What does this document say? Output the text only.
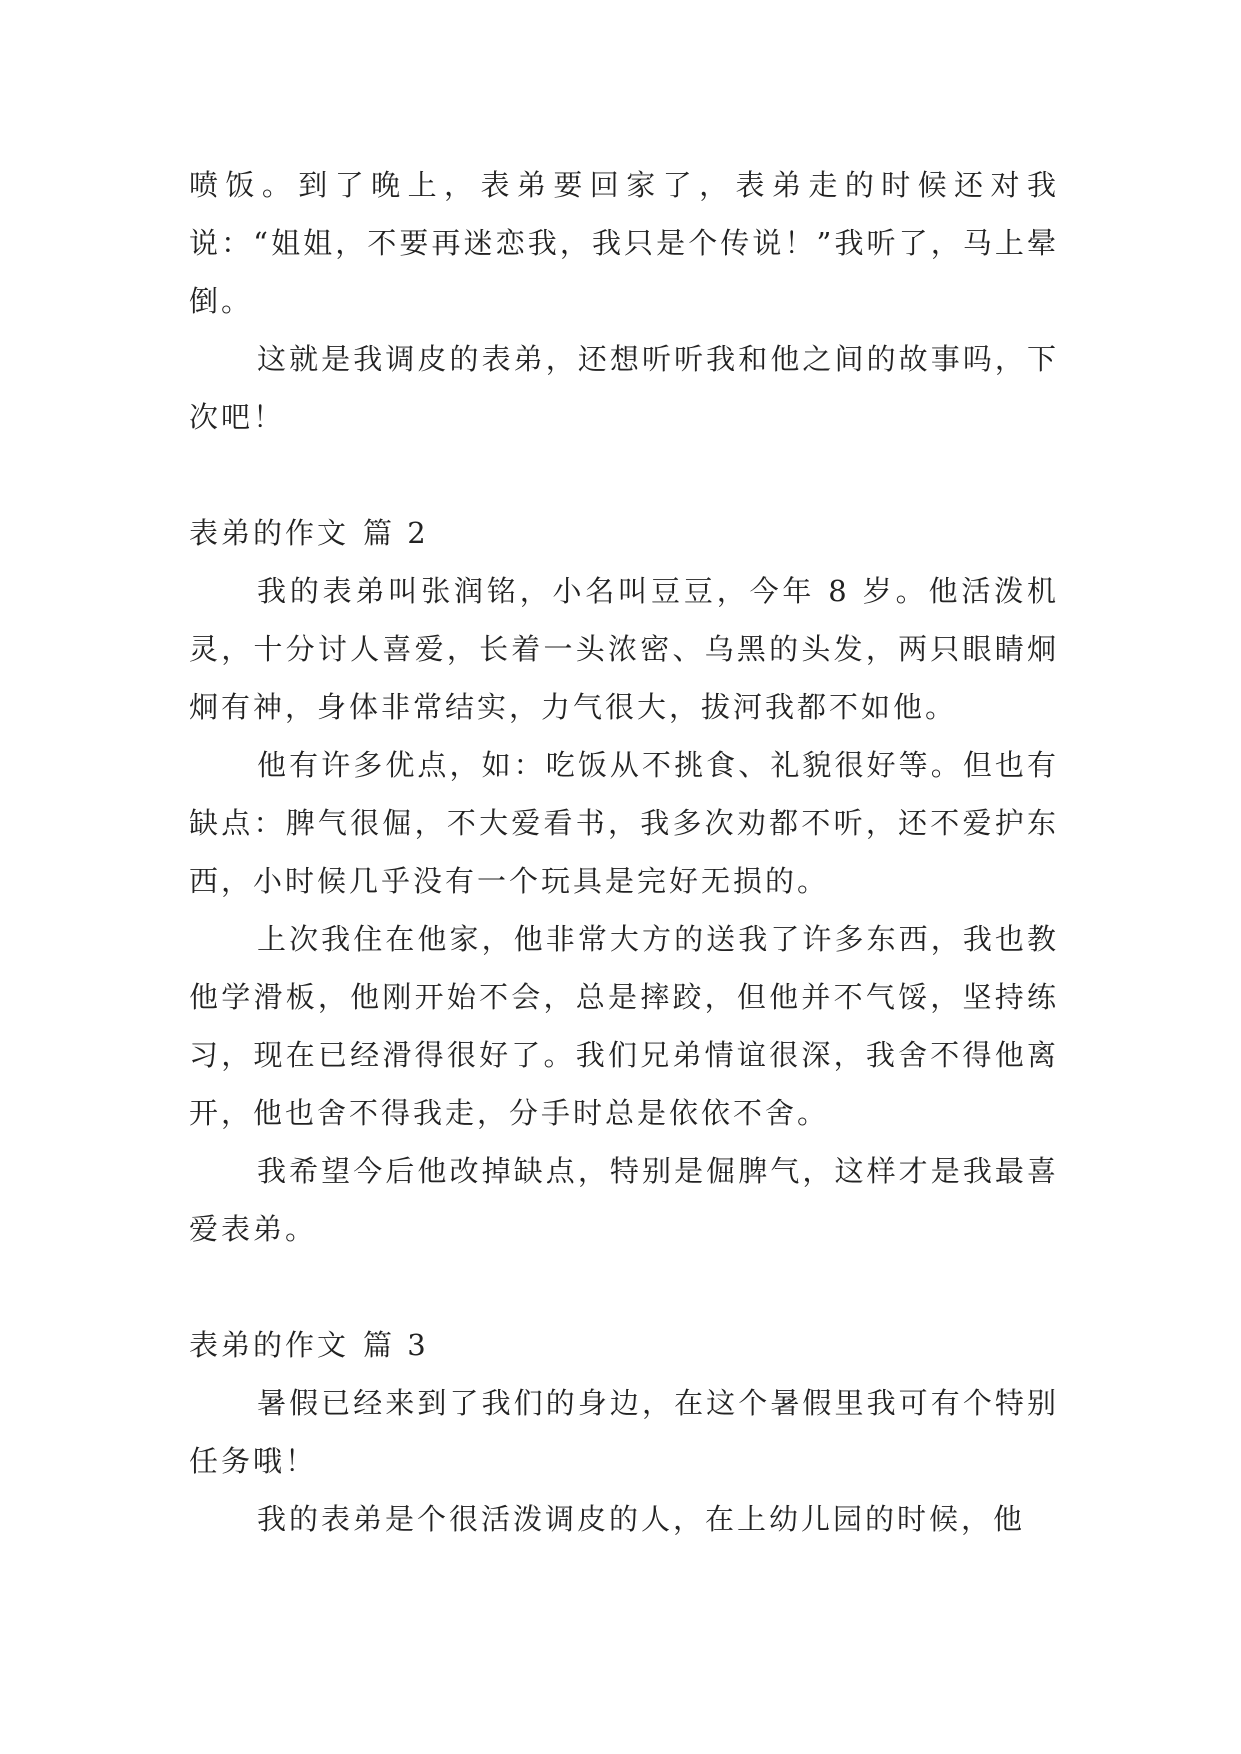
喷饭。到了晚上，表弟要回家了，表弟走的时候还对我说：“姐姐，不要再迷恋我，我只是个传说！”我听了，马上晕倒。

这就是我调皮的表弟，还想听听我和他之间的故事吗，下次吧！

表弟的作文 篇 2

我的表弟叫张润铭，小名叫豆豆，今年 8 岁。他活泼机灵，十分讨人喜爱，长着一头浓密、乌黑的头发，两只眼睛炯炯有神，身体非常结实，力气很大，拔河我都不如他。

他有许多优点，如：吃饭从不挑食、礼貌很好等。但也有缺点：脾气很倔，不大爱看书，我多次劝都不听，还不爱护东西，小时候几乎没有一个玩具是完好无损的。

上次我住在他家，他非常大方的送我了许多东西，我也教他学滑板，他刚开始不会，总是摔跤，但他并不气馁，坚持练习，现在已经滑得很好了。我们兄弟情谊很深，我舍不得他离开，他也舍不得我走，分手时总是依依不舍。

我希望今后他改掉缺点，特别是倔脾气，这样才是我最喜爱表弟。

表弟的作文 篇 3

暑假已经来到了我们的身边，在这个暑假里我可有个特别任务哦！

我的表弟是个很活泼调皮的人，在上幼儿园的时候，他
